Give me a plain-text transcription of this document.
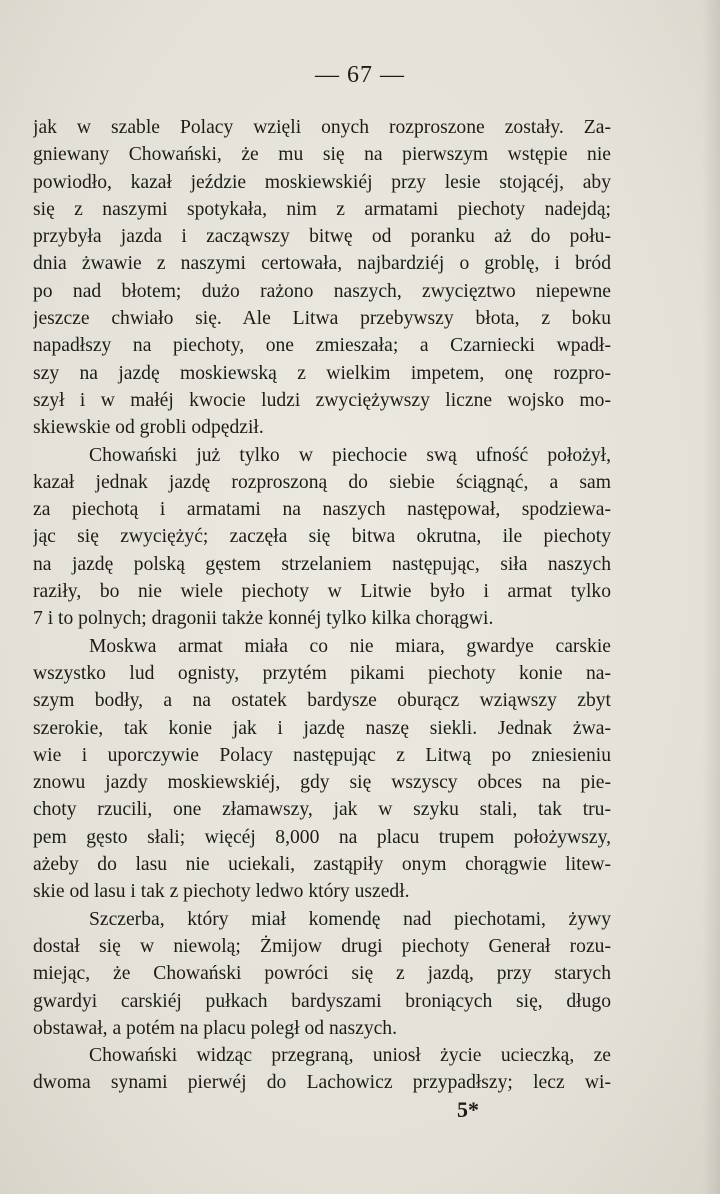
— 67 —
jak w szable Polacy wzięli onych rozproszone zostały. Za-
gniewany Chowański, że mu się na pierwszym wstępie nie
powiodło, kazał jeździe moskiewskiéj przy lesie stojącéj, aby
się z naszymi spotykała, nim z armatami piechoty nadejdą;
przybyła jazda i zacząwszy bitwę od poranku aż do połu-
dnia żwawie z naszymi certowała, najbardziéj o groblę, i bród
po nad błotem; dużo rażono naszych, zwycięztwo niepewne
jeszcze chwiało się. Ale Litwa przebywszy błota, z boku
napadłszy na piechoty, one zmieszała; a Czarniecki wpadł-
szy na jazdę moskiewską z wielkim impetem, onę rozpro-
szył i w małéj kwocie ludzi zwyciężywszy liczne wojsko mo-
skiewskie od grobli odpędził.
Chowański już tylko w piechocie swą ufność położył,
kazał jednak jazdę rozproszoną do siebie ściągnąć, a sam
za piechotą i armatami na naszych następował, spodziewa-
jąc się zwyciężyć; zaczęła się bitwa okrutna, ile piechoty
na jazdę polską gęstem strzelaniem następując, siła naszych
raziły, bo nie wiele piechoty w Litwie było i armat tylko
7 i to polnych; dragonii także konnéj tylko kilka chorągwi.
Moskwa armat miała co nie miara, gwardye carskie
wszystko lud ognisty, przytém pikami piechoty konie na-
szym bodły, a na ostatek bardysze oburącz wziąwszy zbyt
szerokie, tak konie jak i jazdę naszę siekli. Jednak żwa-
wie i uporczywie Polacy następując z Litwą po zniesieniu
znowu jazdy moskiewskiéj, gdy się wszyscy obces na pie-
choty rzucili, one złamawszy, jak w szyku stali, tak tru-
pem gęsto słali; więcéj 8,000 na placu trupem położywszy,
ażeby do lasu nie uciekali, zastąpiły onym chorągwie litew-
skie od lasu i tak z piechoty ledwo który uszedł.
Szczerba, który miał komendę nad piechotami, żywy
dostał się w niewolą; Żmijow drugi piechoty Generał rozu-
miejąc, że Chowański powróci się z jazdą, przy starych
gwardyi carskiéj pułkach bardyszami broniących się, długo
obstawał, a potém na placu poległ od naszych.
Chowański widząc przegraną, uniosł życie ucieczką, ze
dwoma synami pierwéj do Lachowicz przypadłszy; lecz wi-
5*
